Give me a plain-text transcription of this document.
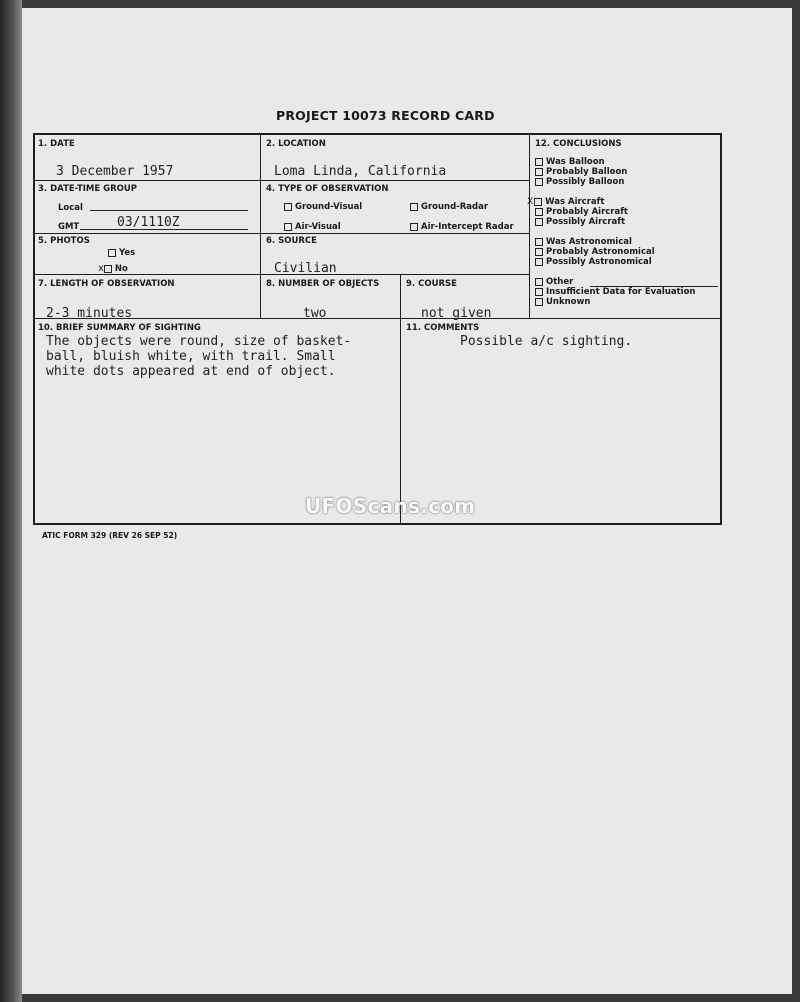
PROJECT 10073 RECORD CARD
1. DATE
3 December 1957
2. LOCATION
Loma Linda, California
3. DATE-TIME GROUP
Local
GMT	03/1110Z
4. TYPE OF OBSERVATION
Ground-Visual	Ground-Radar
Air-Visual	Air-Intercept Radar
5. PHOTOS
Yes
x No
6. SOURCE
Civilian
7. LENGTH OF OBSERVATION
2-3 minutes
8. NUMBER OF OBJECTS
two
9. COURSE
not given
10. BRIEF SUMMARY OF SIGHTING
The objects were round, size of basket-
ball, bluish white, with trail. Small
white dots appeared at end of object.
11. COMMENTS
Possible a/c sighting.
12. CONCLUSIONS
Was Balloon
Probably Balloon
Possibly Balloon
X Was Aircraft
Probably Aircraft
Possibly Aircraft
Was Astronomical
Probably Astronomical
Possibly Astronomical
Other
Insufficient Data for Evaluation
Unknown
UFOScans.com
ATIC FORM 329 (REV 26 SEP 52)
